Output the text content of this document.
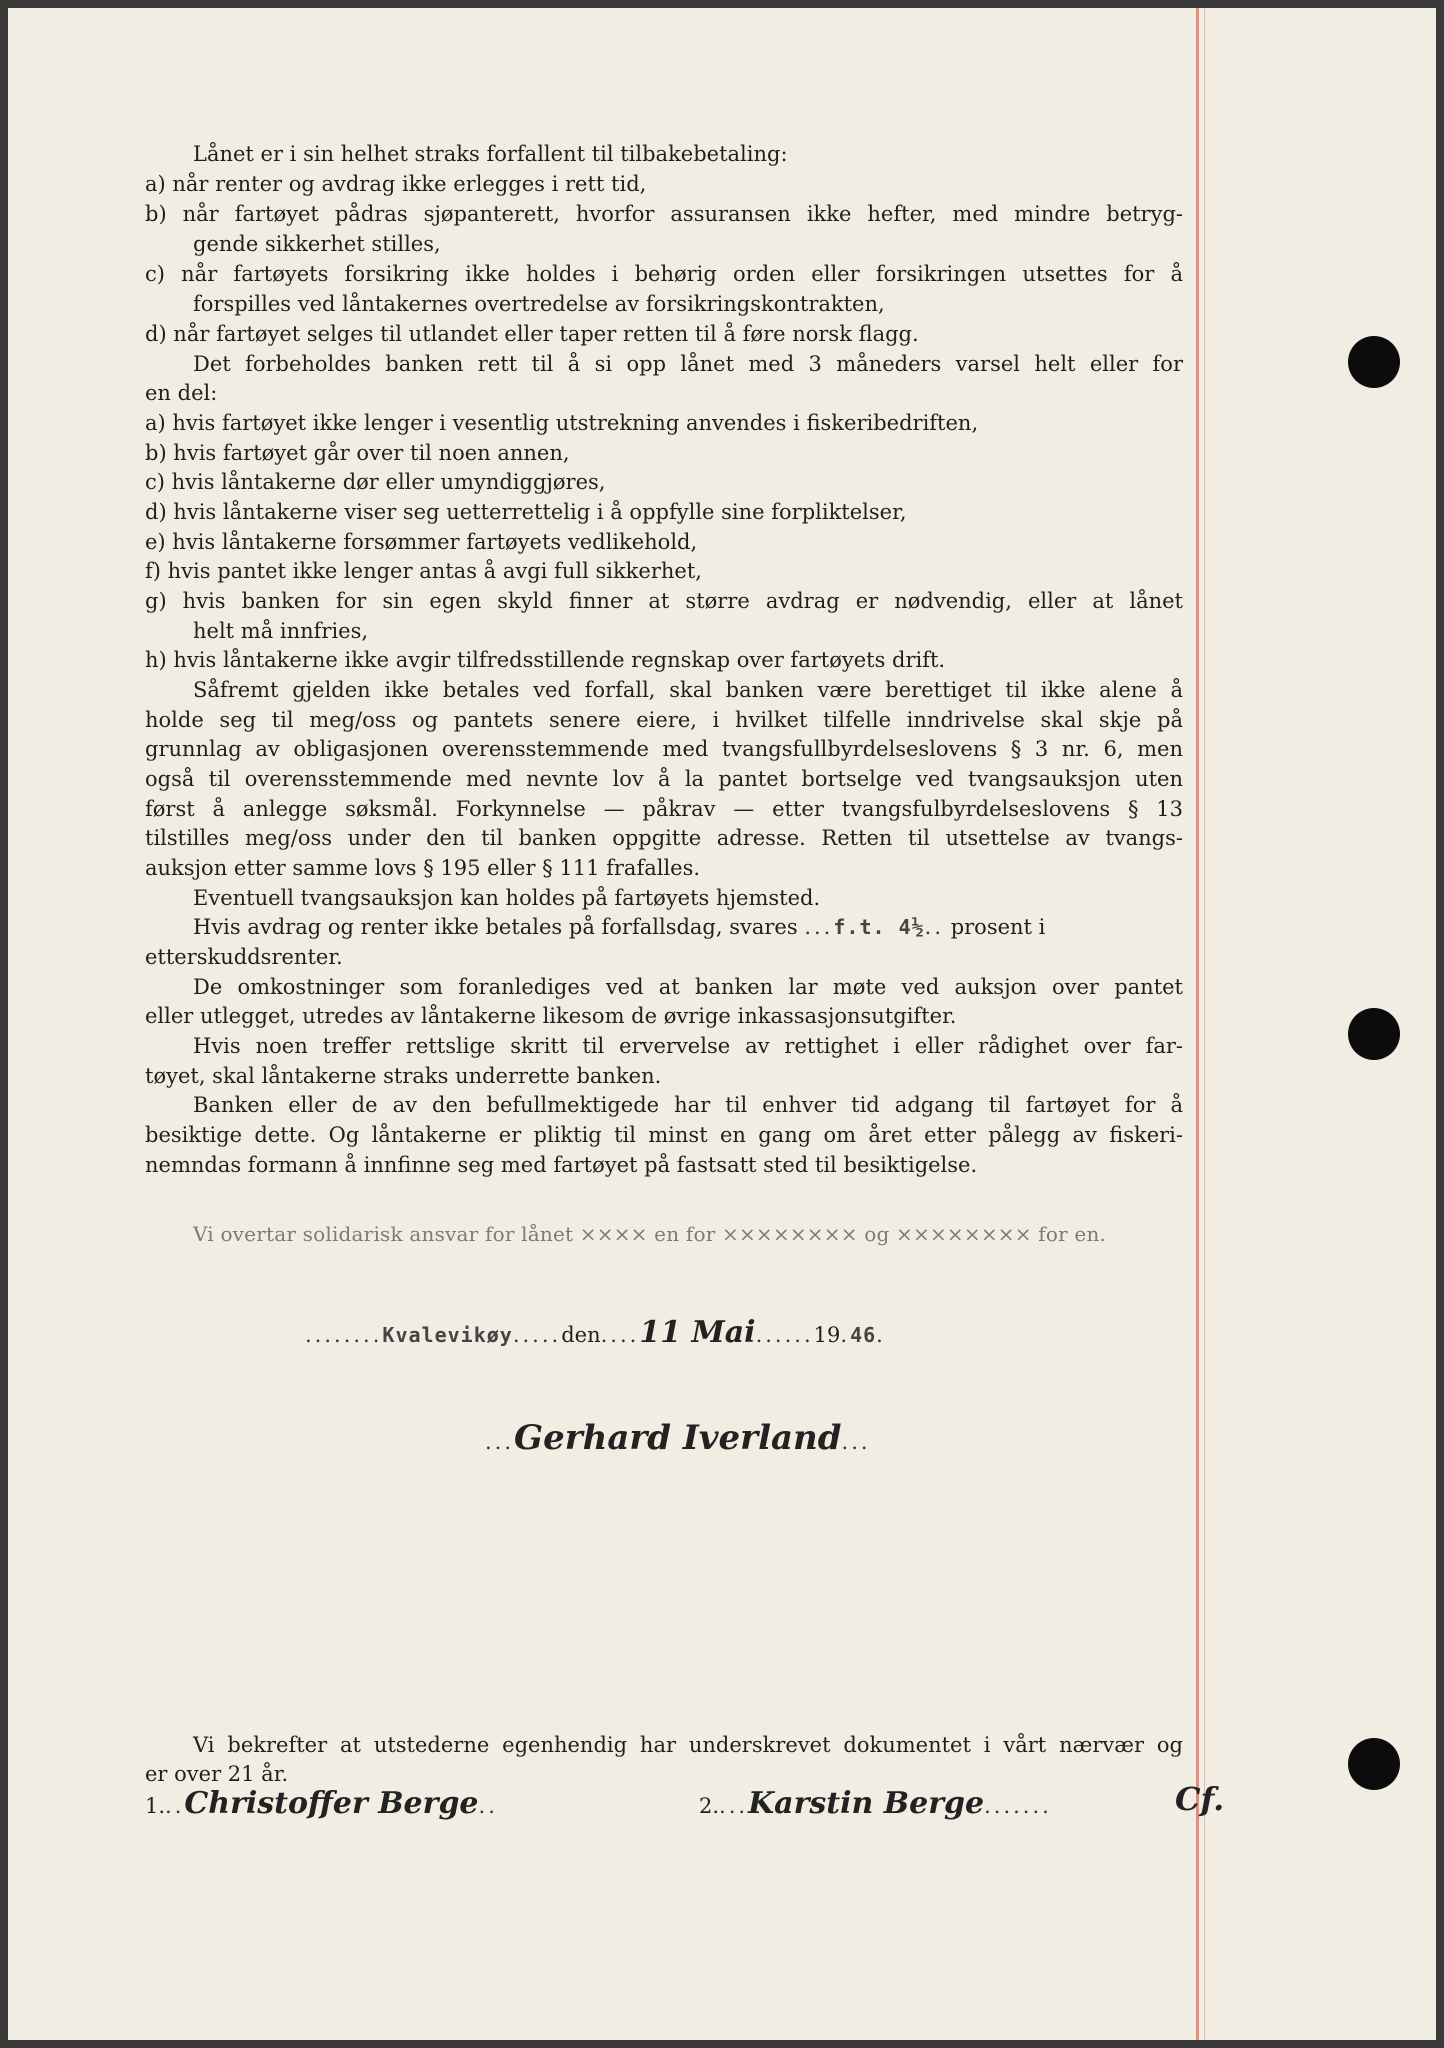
Lånet er i sin helhet straks forfallent til tilbakebetaling:
a) når renter og avdrag ikke erlegges i rett tid,
b) når fartøyet pådras sjøpanterett, hvorfor assuransen ikke hefter, med mindre betryg-
gende sikkerhet stilles,
c) når fartøyets forsikring ikke holdes i behørig orden eller forsikringen utsettes for å
forspilles ved låntakernes overtredelse av forsikringskontrakten,
d) når fartøyet selges til utlandet eller taper retten til å føre norsk flagg.
Det forbeholdes banken rett til å si opp lånet med 3 måneders varsel helt eller for
en del:
a) hvis fartøyet ikke lenger i vesentlig utstrekning anvendes i fiskeribedriften,
b) hvis fartøyet går over til noen annen,
c) hvis låntakerne dør eller umyndiggjøres,
d) hvis låntakerne viser seg uetterrettelig i å oppfylle sine forpliktelser,
e) hvis låntakerne forsømmer fartøyets vedlikehold,
f) hvis pantet ikke lenger antas å avgi full sikkerhet,
g) hvis banken for sin egen skyld finner at større avdrag er nødvendig, eller at lånet
helt må innfries,
h) hvis låntakerne ikke avgir tilfredsstillende regnskap over fartøyets drift.
Såfremt gjelden ikke betales ved forfall, skal banken være berettiget til ikke alene å
holde seg til meg/oss og pantets senere eiere, i hvilket tilfelle inndrivelse skal skje på
grunnlag av obligasjonen overensstemmende med tvangsfullbyrdelseslovens § 3 nr. 6, men
også til overensstemmende med nevnte lov å la pantet bortselge ved tvangsauksjon uten
først å anlegge søksmål. Forkynnelse — påkrav — etter tvangsfulbyrdelseslovens § 13
tilstilles meg/oss under den til banken oppgitte adresse. Retten til utsettelse av tvangs-
auksjon etter samme lovs § 195 eller § 111 frafalles.
Eventuell tvangsauksjon kan holdes på fartøyets hjemsted.
Hvis avdrag og renter ikke betales på forfallsdag, svares ...f.t. 4½.. prosent i
etterskuddsrenter.
De omkostninger som foranlediges ved at banken lar møte ved auksjon over pantet
eller utlegget, utredes av låntakerne likesom de øvrige inkassasjonsutgifter.
Hvis noen treffer rettslige skritt til ervervelse av rettighet i eller rådighet over far-
tøyet, skal låntakerne straks underrette banken.
Banken eller de av den befullmektigede har til enhver tid adgang til fartøyet for å
besiktige dette. Og låntakerne er pliktig til minst en gang om året etter pålegg av fiskeri-
nemndas formann å innfinne seg med fartøyet på fastsatt sted til besiktigelse.
Vi overtar solidarisk ansvar for lånet ×××× en for ×××××××× og ×××××××× for en.
........Kvalevikøy.....den....11 Mai......19.46.
...Gerhard Iverland...
Vi bekrefter at utstederne egenhendig har underskrevet dokumentet i vårt nærvær og
er over 21 år.
1...Christoffer Berge..	2....Karstin Berge.......	Cf.
